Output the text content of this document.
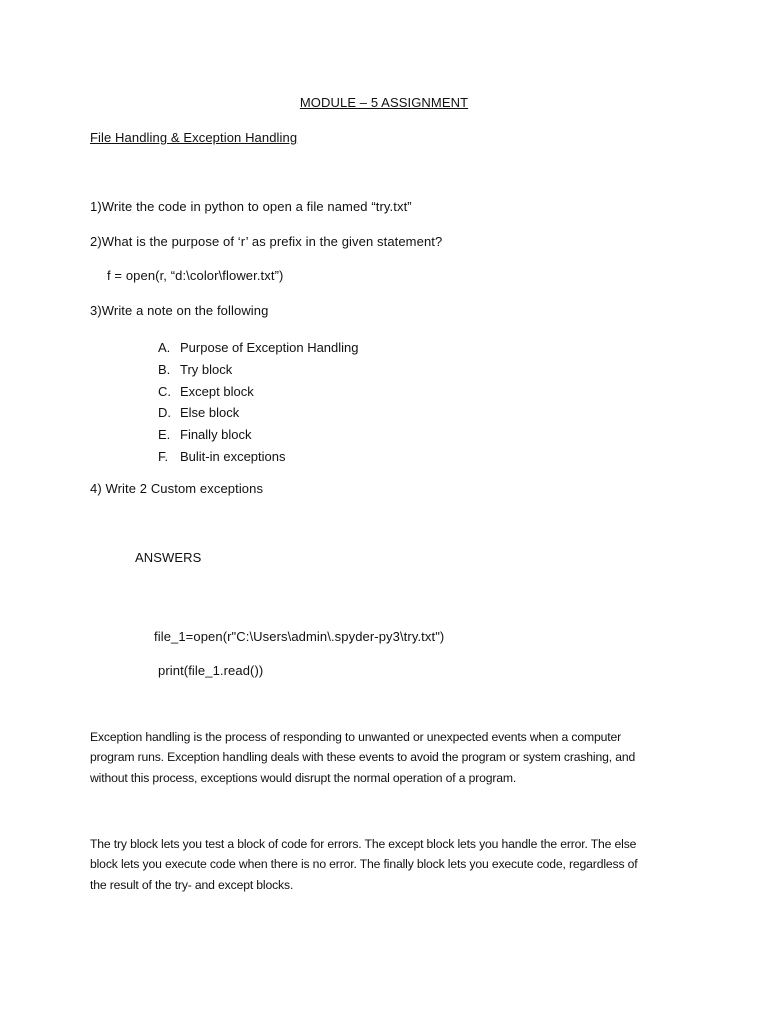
MODULE – 5 ASSIGNMENT
File Handling & Exception Handling
1)Write the code in python to open a file named “try.txt”
2)What is the purpose of ‘r’ as prefix in the given statement?
f = open(r, “d:\color\flower.txt”)
3)Write a note on the following
A. Purpose of Exception Handling
B. Try block
C. Except block
D. Else block
E. Finally block
F. Bulit-in exceptions
4) Write 2 Custom exceptions
ANSWERS
file_1=open(r"C:\Users\admin\.spyder-py3\try.txt")
print(file_1.read())
Exception handling is the process of responding to unwanted or unexpected events when a computer
program runs. Exception handling deals with these events to avoid the program or system crashing, and
without this process, exceptions would disrupt the normal operation of a program.
The try block lets you test a block of code for errors. The except block lets you handle the error. The else
block lets you execute code when there is no error. The finally block lets you execute code, regardless of
the result of the try- and except blocks.
